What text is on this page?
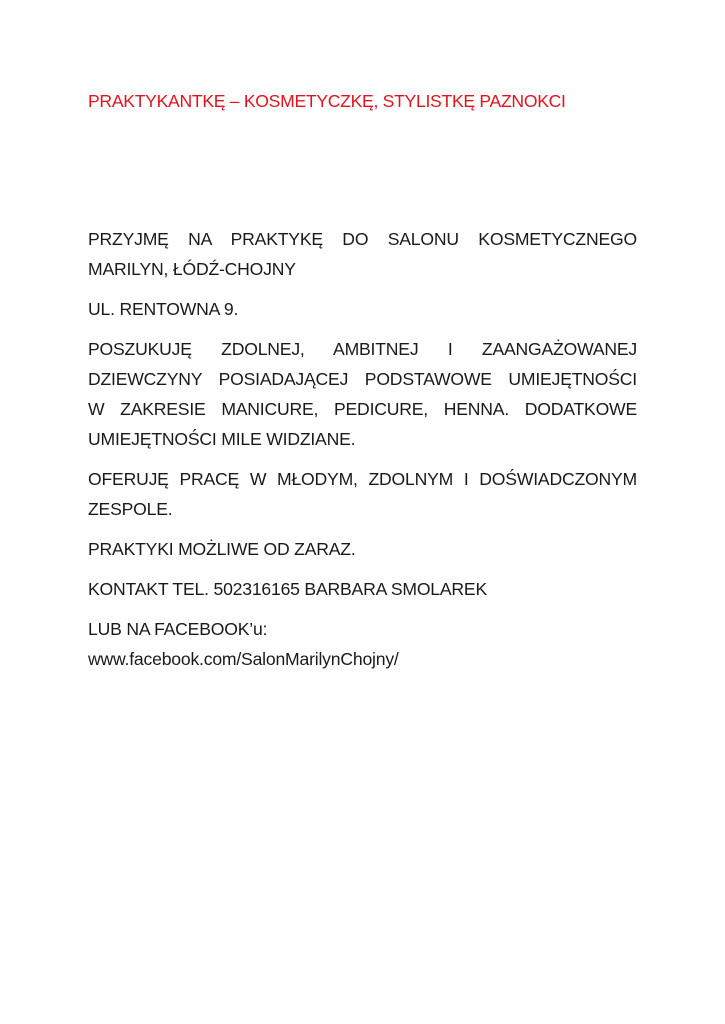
PRAKTYKANTKĘ – KOSMETYCZKĘ, STYLISTKĘ PAZNOKCI
PRZYJMĘ NA PRAKTYKĘ DO SALONU KOSMETYCZNEGO
MARILYN, ŁÓDŹ-CHOJNY
UL. RENTOWNA 9.
POSZUKUJĘ ZDOLNEJ, AMBITNEJ I ZAANGAŻOWANEJ
DZIEWCZYNY POSIADAJĄCEJ PODSTAWOWE UMIEJĘTNOŚCI
W ZAKRESIE MANICURE, PEDICURE, HENNA. DODATKOWE
UMIEJĘTNOŚCI MILE WIDZIANE.
OFERUJĘ PRACĘ W MŁODYM, ZDOLNYM I DOŚWIADCZONYM
ZESPOLE.
PRAKTYKI MOŻLIWE OD ZARAZ.
KONTAKT TEL. 502316165 BARBARA SMOLAREK
LUB NA FACEBOOK’u:
www.facebook.com/SalonMarilynChojny/
